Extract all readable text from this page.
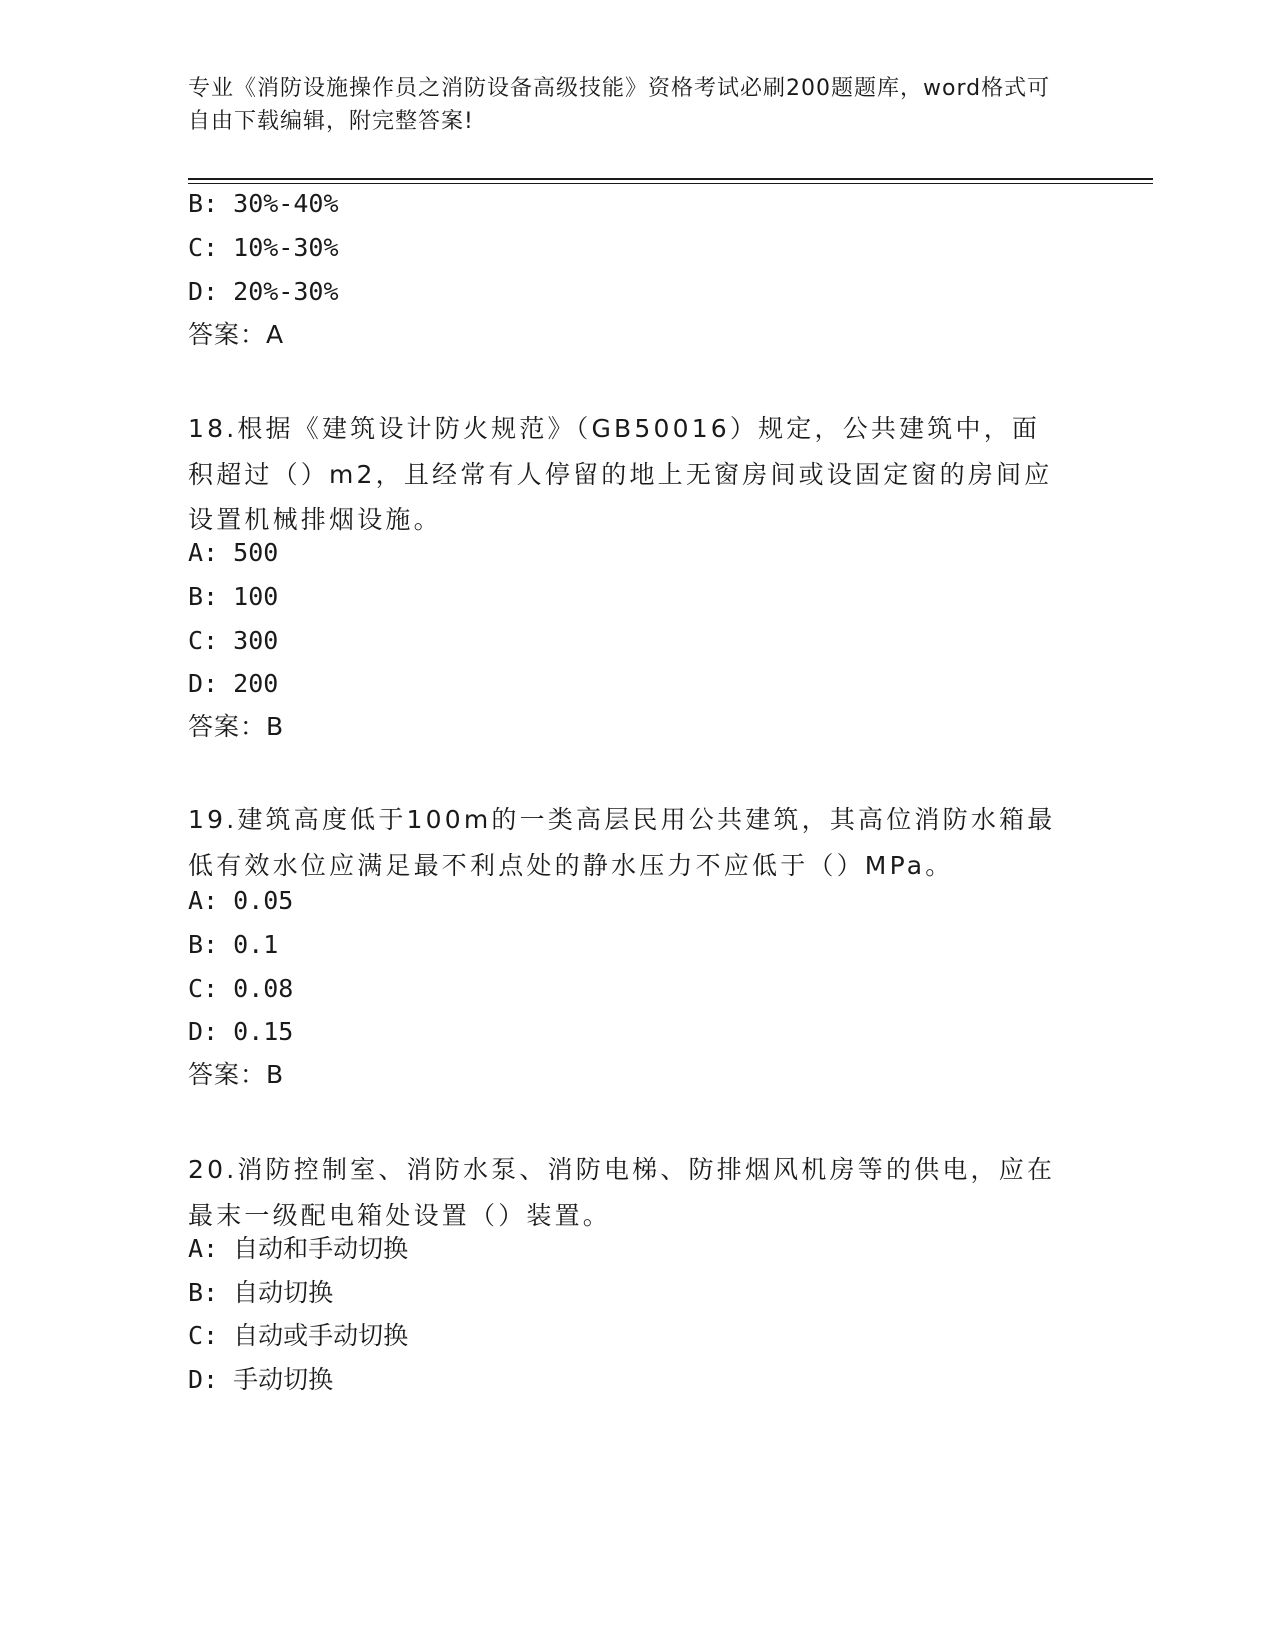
专业《消防设施操作员之消防设备高级技能》资格考试必刷200题题库，word格式可自由下载编辑，附完整答案!
B: 30%-40%
C: 10%-30%
D: 20%-30%
答案：A
18.根据《建筑设计防火规范》（GB50016）规定，公共建筑中，面积超过（）m2，且经常有人停留的地上无窗房间或设固定窗的房间应设置机械排烟设施。
A: 500
B: 100
C: 300
D: 200
答案：B
19.建筑高度低于100m的一类高层民用公共建筑，其高位消防水箱最低有效水位应满足最不利点处的静水压力不应低于（）MPa。
A: 0.05
B: 0.1
C: 0.08
D: 0.15
答案：B
20.消防控制室、消防水泵、消防电梯、防排烟风机房等的供电，应在最末一级配电箱处设置（）装置。
A: 自动和手动切换
B: 自动切换
C: 自动或手动切换
D: 手动切换
